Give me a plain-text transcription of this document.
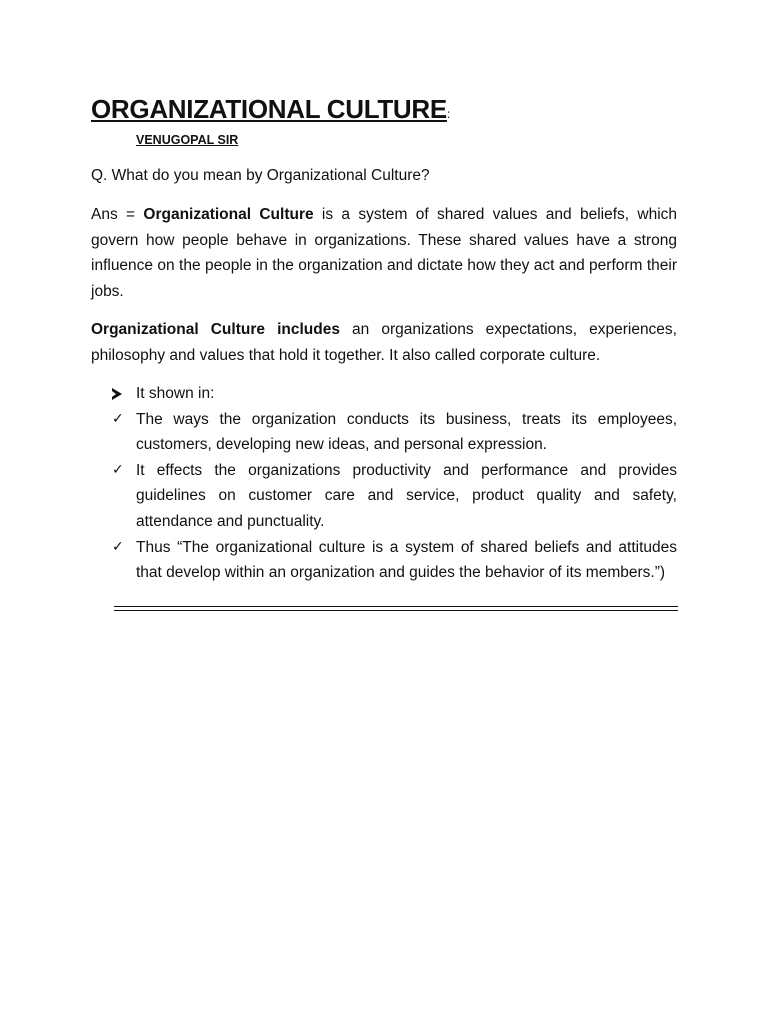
ORGANIZATIONAL CULTURE:
VENUGOPAL SIR
Q. What do you mean by Organizational Culture?
Ans = Organizational Culture is a system of shared values and beliefs, which govern how people behave in organizations. These shared values have a strong influence on the people in the organization and dictate how they act and perform their jobs.
Organizational Culture includes an organizations expectations, experiences, philosophy and values that hold it together. It also called corporate culture.
It shown in:
✓ The ways the organization conducts its business, treats its employees, customers, developing new ideas, and personal expression.
✓ It effects the organizations productivity and performance and provides guidelines on customer care and service, product quality and safety, attendance and punctuality.
✓ Thus “The organizational culture is a system of shared beliefs and attitudes that develop within an organization and guides the behavior of its members.”)
